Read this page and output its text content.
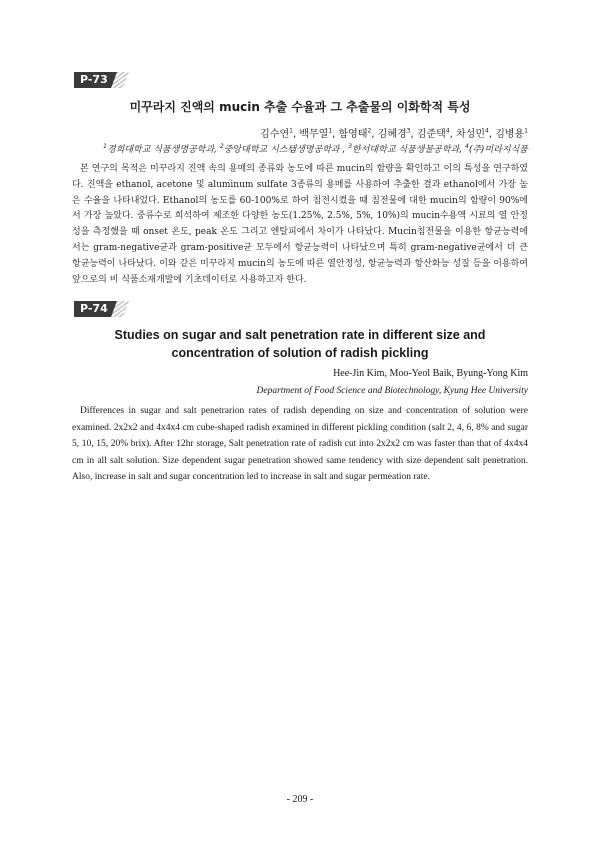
P-73
미꾸라지 진액의 mucin 추출 수율과 그 추출물의 이화학적 특성
김수연$^1$, 백무열$^1$, 함영태$^2$, 김혜경$^3$, 김준택$^4$, 차성민$^4$, 김병용$^1$
$^1$경희대학교 식품생명공학과, $^2$중앙대학교 시스템생명공학과 , $^3$한서대학교 식품생물공학과, $^4$(주)미라지식품

본 연구의 목적은 미꾸라지 진액 속의 용매의 종류와 농도에 따른 mucin의 함량을 확인하고 이의 특성을 연구하였다. 진액을 ethanol, acetone 및 aluminum sulfate 3종류의 용매를 사용하여 추출한 결과 ethanol에서 가장 높은 수율을 나타내었다. Ethanol의 농도를 60-100%로 하여 침전시켰을 때 침전물에 대한 mucin의 함량이 90%에서 가장 높았다. 중류수로 희석하여 제조한 다양한 농도(1.25%, 2.5%, 5%, 10%)의 mucin수용액 시료의 열 안정성을 측정했을 때 onset 온도, peak 온도 그리고 엔탈피에서 차이가 나타났다. Mucin침전물을 이용한 항균능력에서는 gram-negative균과 gram-positive균 모두에서 항균능력이 나타났으며 특히 gram-negative균에서 더 큰 항균능력이 나타났다. 이와 같은 미꾸라지 mucin의 농도에 따른 열안정성, 항균능력과 항산화능 성질 등을 이용하여 앞으로의 비 식품소재개발에 기초데이터로 사용하고자 한다.

P-74
Studies on sugar and salt penetration rate in different size and concentration of solution of radish pickling
Hee-Jin Kim, Moo-Yeol Baik, Byung-Yong Kim
Department of Food Science and Biotechnology, Kyung Hee University

Differences in sugar and salt penetrarion rates of radish depending on size and concentration of solution were examined. 2x2x2 and 4x4x4 cm cube-shaped radish examined in different pickling condition (salt 2, 4, 6, 8% and sugar 5, 10, 15, 20% brix). After 12hr storage, Salt penetration rate of radish cut into 2x2x2 cm was faster than that of 4x4x4 cm in all salt solution. Size dependent sugar penetration showed same tendency with size dependent salt penetration. Also, increase in salt and sugar concentration led to increase in salt and sugar permeation rate.

- 209 -
